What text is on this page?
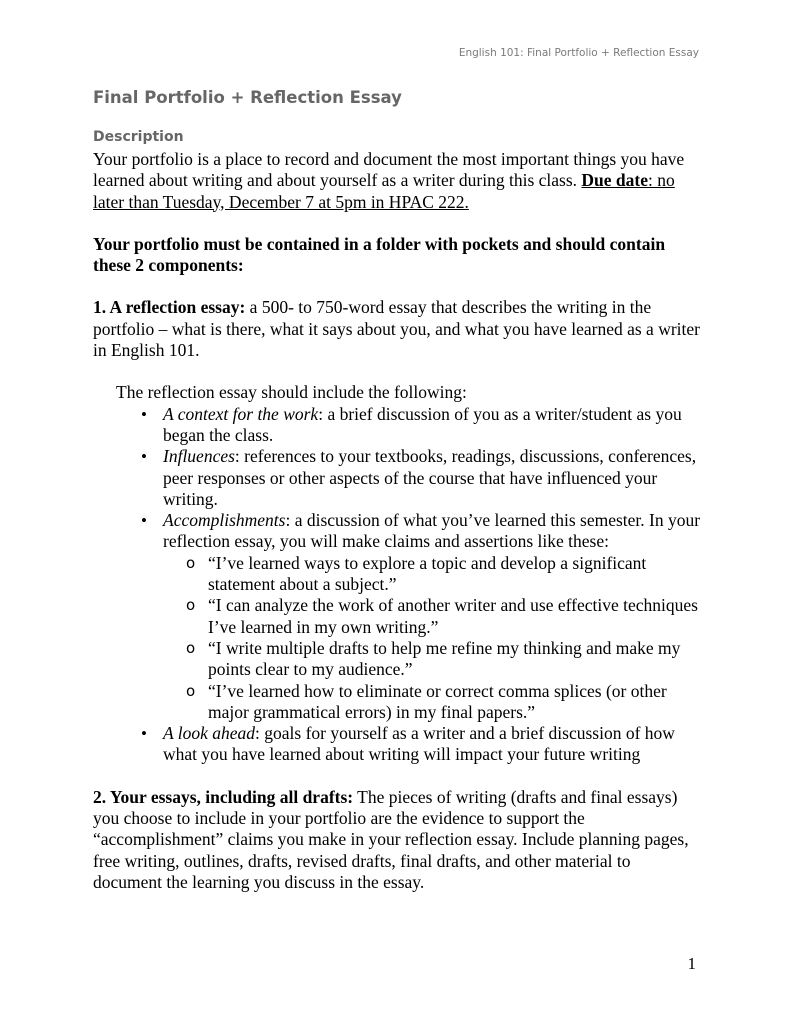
English 101: Final Portfolio + Reflection Essay
Final Portfolio + Reflection Essay
Description

Your portfolio is a place to record and document the most important things you have learned about writing and about yourself as a writer during this class. Due date: no later than Tuesday, December 7 at 5pm in HPAC 222.

Your portfolio must be contained in a folder with pockets and should contain these 2 components:

1. A reflection essay: a 500- to 750-word essay that describes the writing in the portfolio – what is there, what it says about you, and what you have learned as a writer in English 101.

The reflection essay should include the following:

• A context for the work: a brief discussion of you as a writer/student as you began the class.
• Influences: references to your textbooks, readings, discussions, conferences, peer responses or other aspects of the course that have influenced your writing.
• Accomplishments: a discussion of what you’ve learned this semester. In your reflection essay, you will make claims and assertions like these:
o “I’ve learned ways to explore a topic and develop a significant statement about a subject.”
o “I can analyze the work of another writer and use effective techniques I’ve learned in my own writing.”
o “I write multiple drafts to help me refine my thinking and make my points clear to my audience.”
o “I’ve learned how to eliminate or correct comma splices (or other major grammatical errors) in my final papers.”
• A look ahead: goals for yourself as a writer and a brief discussion of how what you have learned about writing will impact your future writing

2. Your essays, including all drafts: The pieces of writing (drafts and final essays) you choose to include in your portfolio are the evidence to support the “accomplishment” claims you make in your reflection essay. Include planning pages, free writing, outlines, drafts, revised drafts, final drafts, and other material to document the learning you discuss in the essay.

1
